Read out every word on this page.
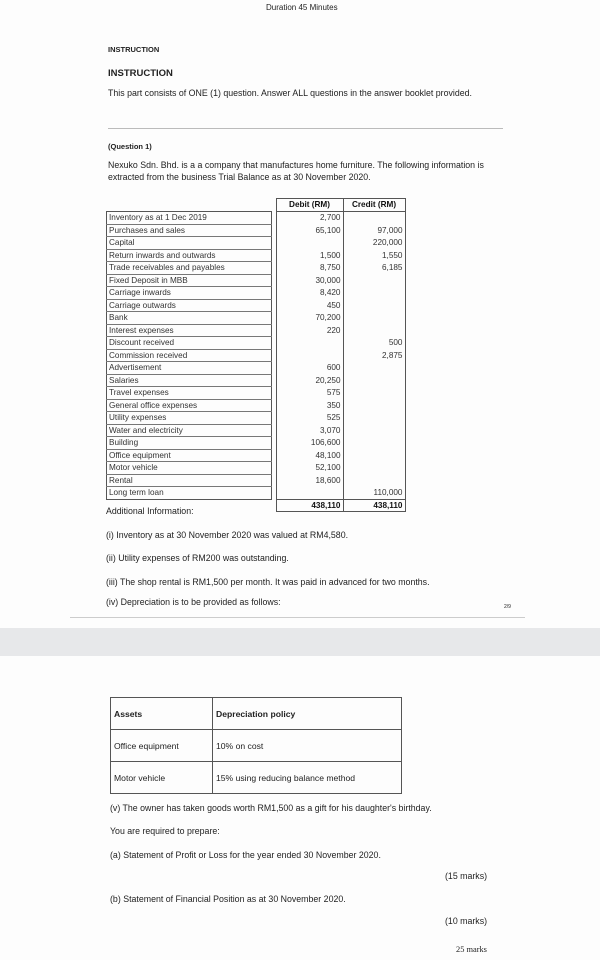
Duration 45 Minutes
INSTRUCTION
INSTRUCTION
This part consists of ONE (1) question. Answer ALL questions in the answer booklet provided.
(Question 1)
Nexuko Sdn. Bhd. is a a company that manufactures home furniture. The following information is extracted from the business Trial Balance as at 30 November 2020.
		Debit (RM)	Credit (RM)
Inventory as at 1 Dec 2019		2,700	
Purchases and sales		65,100	97,000
Capital			220,000
Return inwards and outwards		1,500	1,550
Trade receivables and payables		8,750	6,185
Fixed Deposit in MBB		30,000	
Carriage inwards		8,420	
Carriage outwards		450	
Bank		70,200	
Interest expenses		220	
Discount received			500
Commission received			2,875
Advertisement		600	
Salaries		20,250	
Travel expenses		575	
General office expenses		350	
Utility expenses		525	
Water and electricity		3,070	
Building		106,600	
Office equipment		48,100	
Motor vehicle		52,100	
Rental		18,600	
Long term loan			110,000
		438,110	438,110
Additional Information:
(i) Inventory as at 30 November 2020 was valued at RM4,580.
(ii) Utility expenses of RM200 was outstanding.
(iii) The shop rental is RM1,500 per month. It was paid in advanced for two months.
(iv) Depreciation is to be provided as follows:	2/9
Assets	Depreciation policy
Office equipment	10% on cost
Motor vehicle	15% using reducing balance method
(v) The owner has taken goods worth RM1,500 as a gift for his daughter's birthday.
You are required to prepare:
(a) Statement of Profit or Loss for the year ended 30 November 2020.
(15 marks)
(b) Statement of Financial Position as at 30 November 2020.
(10 marks)
25 marks
